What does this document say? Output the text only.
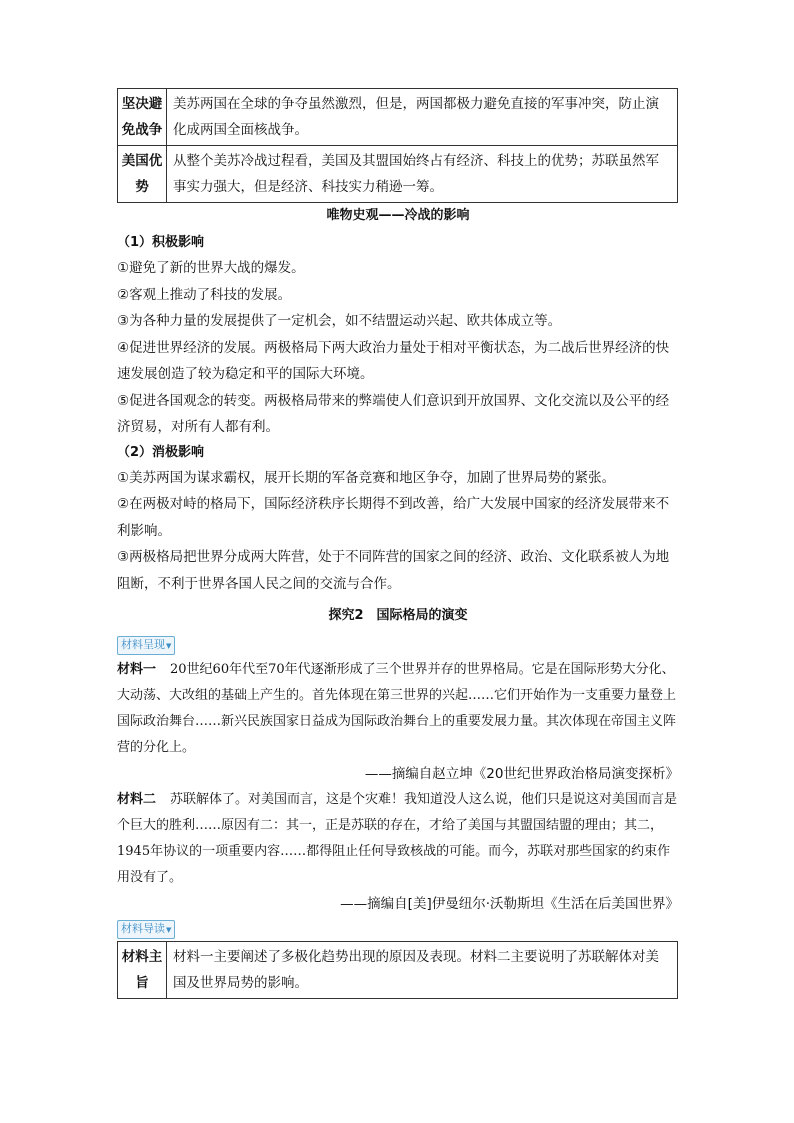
坚决避免战争	美苏两国在全球的争夺虽然激烈，但是，两国都极力避免直接的军事冲突，防止演化成两国全面核战争。
美国优势	从整个美苏冷战过程看，美国及其盟国始终占有经济、科技上的优势；苏联虽然军事实力强大，但是经济、科技实力稍逊一筹。
唯物史观——冷战的影响
（1）积极影响

①避免了新的世界大战的爆发。

②客观上推动了科技的发展。

③为各种力量的发展提供了一定机会，如不结盟运动兴起、欧共体成立等。

④促进世界经济的发展。两极格局下两大政治力量处于相对平衡状态，为二战后世界经济的快速发展创造了较为稳定和平的国际大环境。

⑤促进各国观念的转变。两极格局带来的弊端使人们意识到开放国界、文化交流以及公平的经济贸易，对所有人都有利。

（2）消极影响

①美苏两国为谋求霸权，展开长期的军备竞赛和地区争夺，加剧了世界局势的紧张。

②在两极对峙的格局下，国际经济秩序长期得不到改善，给广大发展中国家的经济发展带来不利影响。

③两极格局把世界分成两大阵营，处于不同阵营的国家之间的经济、政治、文化联系被人为地阻断，不利于世界各国人民之间的交流与合作。

探究2　国际格局的演变
材料呈现▼

材料一 20世纪60年代至70年代逐渐形成了三个世界并存的世界格局。它是在国际形势大分化、大动荡、大改组的基础上产生的。首先体现在第三世界的兴起……它们开始作为一支重要力量登上国际政治舞台……新兴民族国家日益成为国际政治舞台上的重要发展力量。其次体现在帝国主义阵营的分化上。

——摘编自赵立坤《20世纪世界政治格局演变探析》

材料二 苏联解体了。对美国而言，这是个灾难！我知道没人这么说，他们只是说这对美国而言是个巨大的胜利……原因有二：其一，正是苏联的存在，才给了美国与其盟国结盟的理由；其二，1945年协议的一项重要内容……都得阻止任何导致核战的可能。而今，苏联对那些国家的约束作用没有了。

——摘编自[美]伊曼纽尔·沃勒斯坦《生活在后美国世界》

材料导读▼
材料主旨	材料一主要阐述了多极化趋势出现的原因及表现。材料二主要说明了苏联解体对美国及世界局势的影响。
